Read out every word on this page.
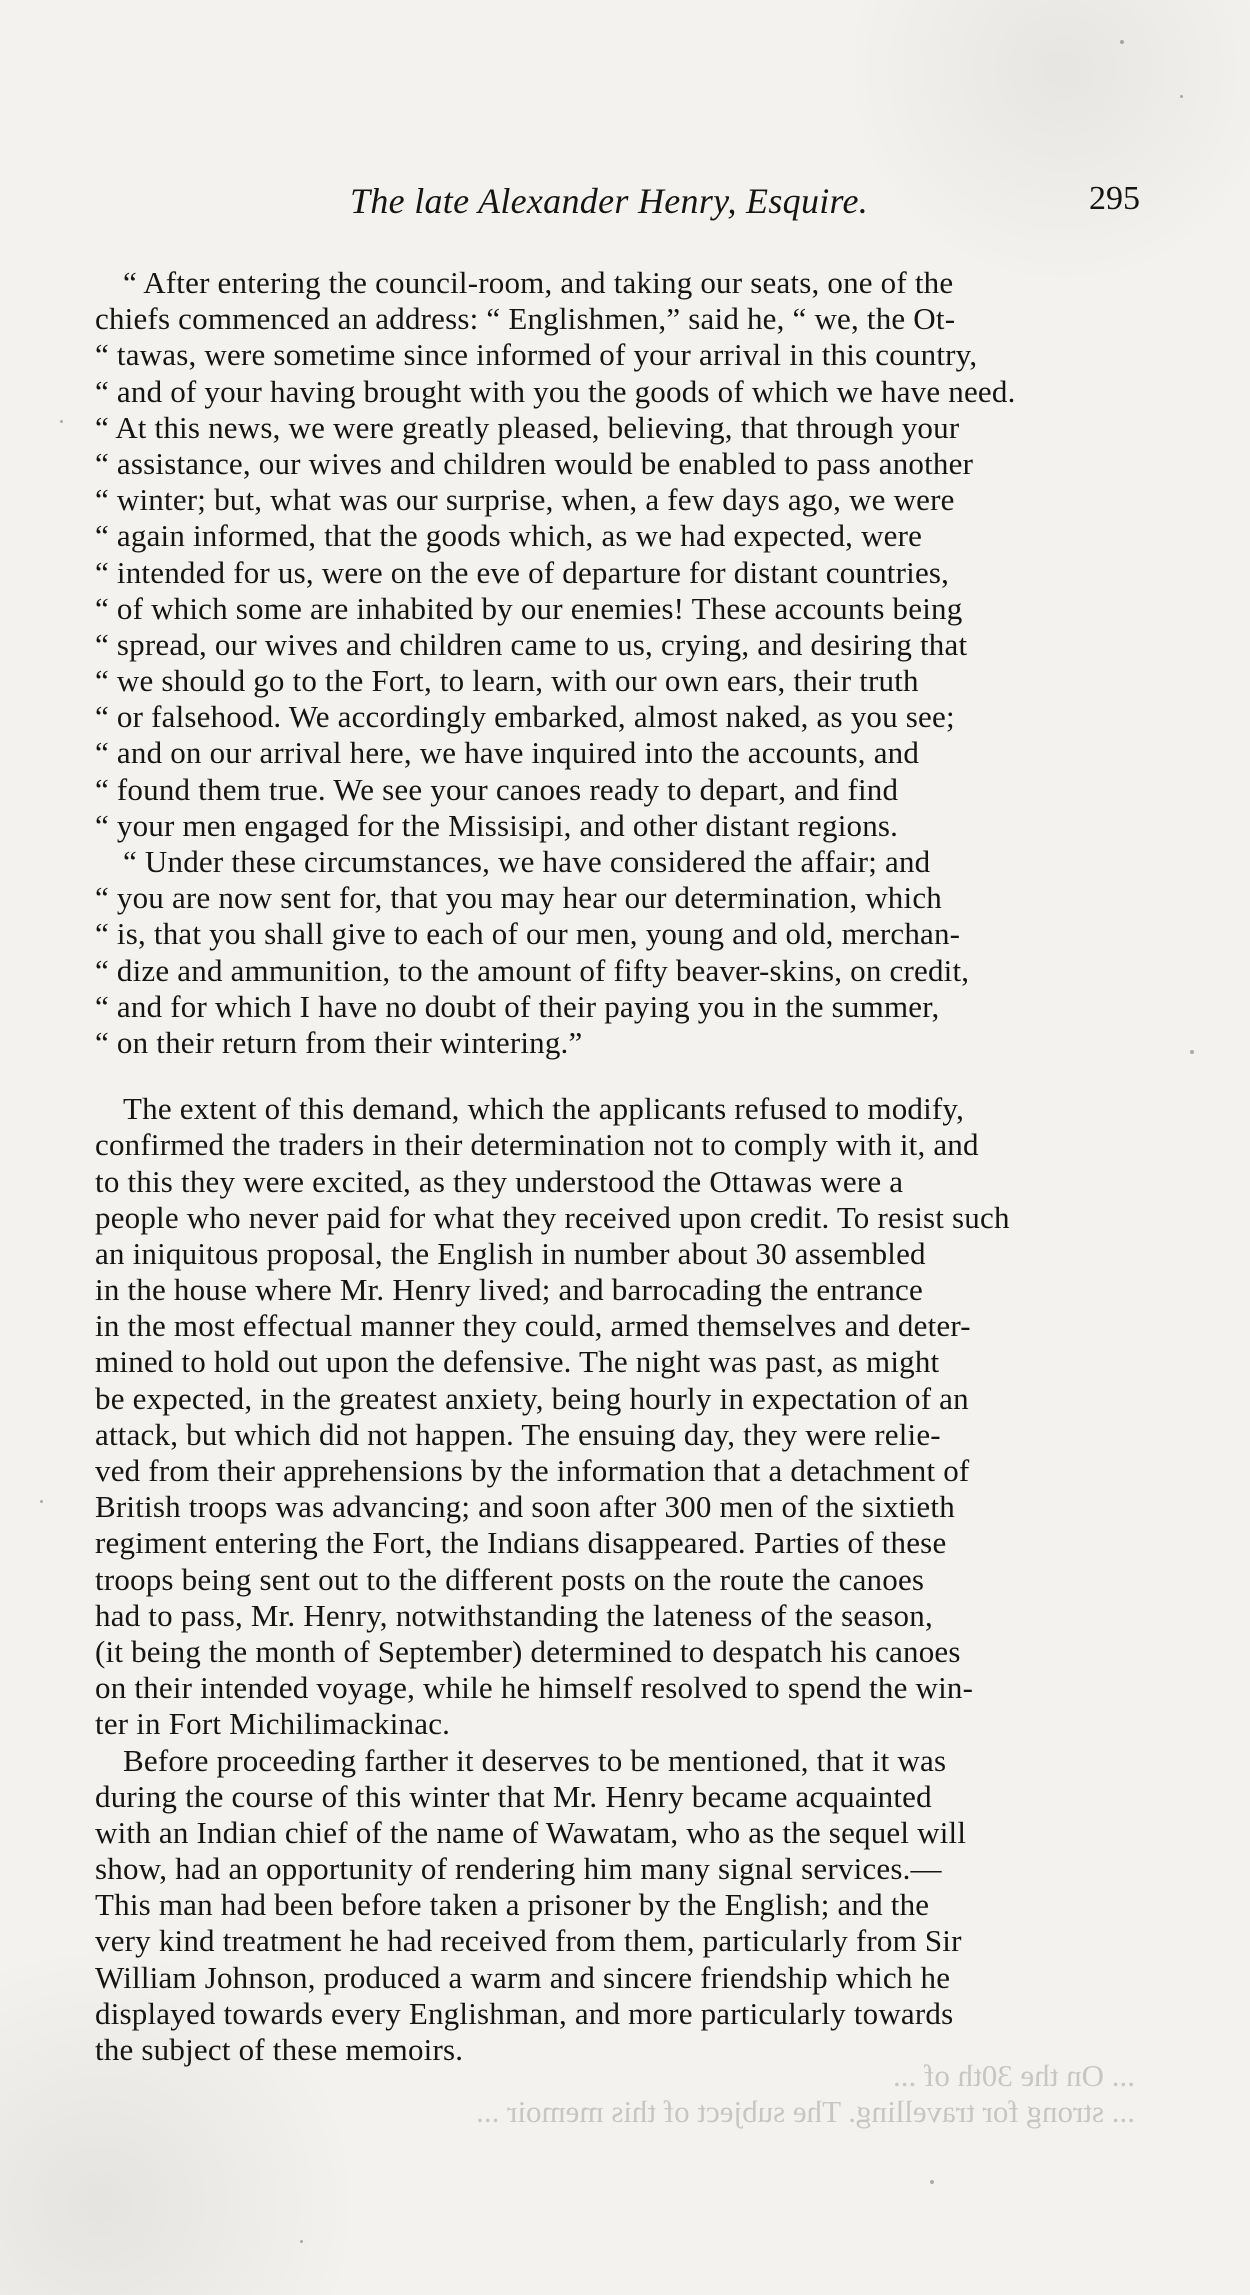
The late Alexander Henry, Esquire.	295
“ After entering the council-room, and taking our seats, one of the
chiefs commenced an address: “ Englishmen,” said he, “ we, the Ot-
“ tawas, were sometime since informed of your arrival in this country,
“ and of your having brought with you the goods of which we have need.
“ At this news, we were greatly pleased, believing, that through your
“ assistance, our wives and children would be enabled to pass another
“ winter; but, what was our surprise, when, a few days ago, we were
“ again informed, that the goods which, as we had expected, were
“ intended for us, were on the eve of departure for distant countries,
“ of which some are inhabited by our enemies! These accounts being
“ spread, our wives and children came to us, crying, and desiring that
“ we should go to the Fort, to learn, with our own ears, their truth
“ or falsehood. We accordingly embarked, almost naked, as you see;
“ and on our arrival here, we have inquired into the accounts, and
“ found them true. We see your canoes ready to depart, and find
“ your men engaged for the Missisipi, and other distant regions.
“ Under these circumstances, we have considered the affair; and
“ you are now sent for, that you may hear our determination, which
“ is, that you shall give to each of our men, young and old, merchan-
“ dize and ammunition, to the amount of fifty beaver-skins, on credit,
“ and for which I have no doubt of their paying you in the summer,
“ on their return from their wintering.”
The extent of this demand, which the applicants refused to modify,
confirmed the traders in their determination not to comply with it, and
to this they were excited, as they understood the Ottawas were a
people who never paid for what they received upon credit. To resist such
an iniquitous proposal, the English in number about 30 assembled
in the house where Mr. Henry lived; and barrocading the entrance
in the most effectual manner they could, armed themselves and deter-
mined to hold out upon the defensive. The night was past, as might
be expected, in the greatest anxiety, being hourly in expectation of an
attack, but which did not happen. The ensuing day, they were relie-
ved from their apprehensions by the information that a detachment of
British troops was advancing; and soon after 300 men of the sixtieth
regiment entering the Fort, the Indians disappeared. Parties of these
troops being sent out to the different posts on the route the canoes
had to pass, Mr. Henry, notwithstanding the lateness of the season,
(it being the month of September) determined to despatch his canoes
on their intended voyage, while he himself resolved to spend the win-
ter in Fort Michilimackinac.
Before proceeding farther it deserves to be mentioned, that it was
during the course of this winter that Mr. Henry became acquainted
with an Indian chief of the name of Wawatam, who as the sequel will
show, had an opportunity of rendering him many signal services.—
This man had been before taken a prisoner by the English; and the
very kind treatment he had received from them, particularly from Sir
William Johnson, produced a warm and sincere friendship which he
displayed towards every Englishman, and more particularly towards
the subject of these memoirs.
... On the 30th of ...
... strong for travelling. The subject of this memoir ...
